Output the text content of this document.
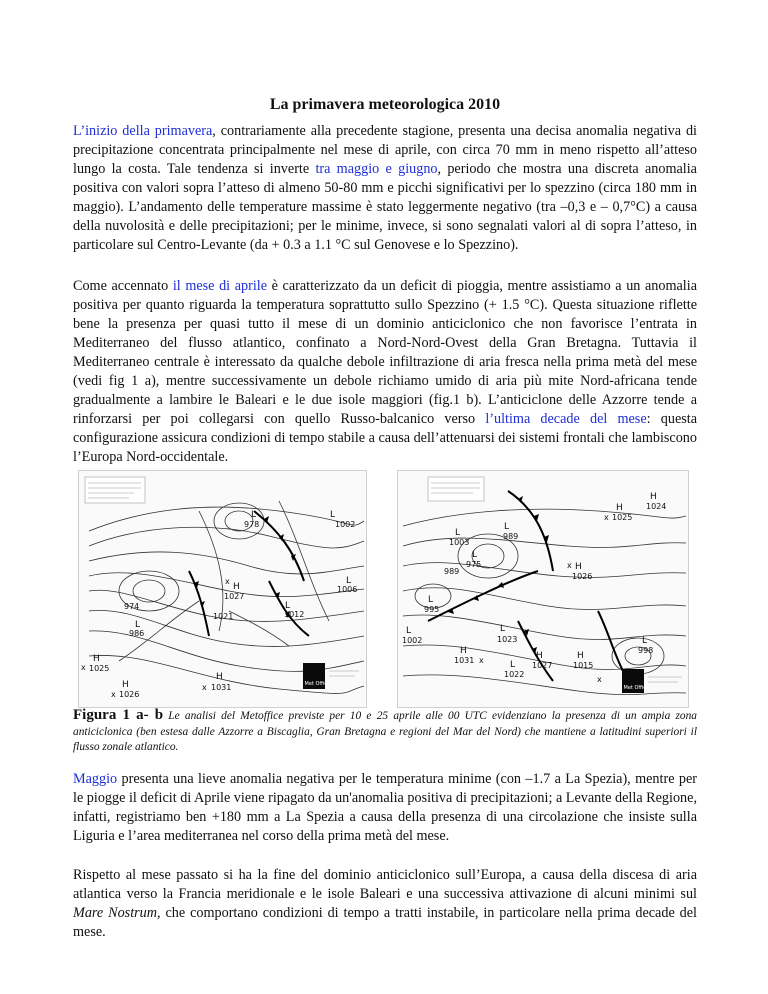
La primavera meteorologica 2010

L’inizio della primavera, contrariamente alla precedente stagione, presenta una decisa anomalia negativa di precipitazione concentrata principalmente nel mese di aprile, con circa 70 mm in meno rispetto all’atteso lungo la costa. Tale tendenza si inverte tra maggio e giugno, periodo che mostra una discreta anomalia positiva con valori sopra l’atteso di almeno 50-80 mm e picchi significativi per lo spezzino (circa 180 mm in maggio). L’andamento delle temperature massime è stato leggermente negativo (tra –0,3 e – 0,7°C) a causa della nuvolosità e delle precipitazioni; per le minime, invece, si sono segnalati valori al di sopra l’atteso, in particolare sul Centro-Levante (da + 0.3 a 1.1 °C sul Genovese e lo Spezzino).

Come accennato il mese di aprile è caratterizzato da un deficit di pioggia, mentre assistiamo a un anomalia positiva per quanto riguarda la temperatura soprattutto sullo Spezzino (+ 1.5 °C). Questa situazione riflette bene la presenza per quasi tutto il mese di un dominio anticiclonico che non favorisce l’entrata in Mediterraneo del flusso atlantico, confinato a Nord-Nord-Ovest della Gran Bretagna. Tuttavia il Mediterraneo centrale è interessato da qualche debole infiltrazione di aria fresca nella prima metà del mese (vedi fig 1 a), mentre successivamente un debole richiamo umido di aria più mite Nord-africana tende gradualmente a lambire le Baleari e le due isole maggiori (fig.1 b). L’anticiclone delle Azzorre tende a rinforzarsi per poi collegarsi con quello Russo-balcanico verso l’ultima decade del mese: questa configurazione assicura condizioni di tempo stabile a causa dell’attenuarsi dei sistemi frontali che lambiscono l’Europa Nord-occidentale.

L
978
L
1002
L
1006
H
1027
L
1012
974
1021
L
986
H
1025
H
1031
H
1026
x
x
x
x
Met Office
H
1024
H
1025
L
1003
L
989
L
975
989	H
1026
L
995
L
1002
L
1023
H
1031	H
1027
L
1022
H
1015
L
998
x
x
x
x
Met Office
Figura 1 a- b Le analisi del Metoffice previste per 10 e 25 aprile alle 00 UTC evidenziano la presenza di un ampia zona anticiclonica (ben estesa dalle Azzorre a Biscaglia, Gran Bretagna e regioni del Mar del Nord) che mantiene a latitudini superiori il flusso zonale atlantico.

Maggio presenta una lieve anomalia negativa per le temperatura minime (con –1.7 a La Spezia), mentre per le piogge il deficit di Aprile viene ripagato da un'anomalia positiva di precipitazioni; a Levante della Regione, infatti, registriamo ben +180 mm a La Spezia a causa della presenza di una circolazione che insiste sulla Liguria e l’area mediterranea nel corso della prima metà del mese.

Rispetto al mese passato si ha la fine del dominio anticiclonico sull’Europa, a causa della discesa di aria atlantica verso la Francia meridionale e le isole Baleari e una successiva attivazione di alcuni minimi sul Mare Nostrum, che comportano condizioni di tempo a tratti instabile, in particolare nella prima decade del mese.
